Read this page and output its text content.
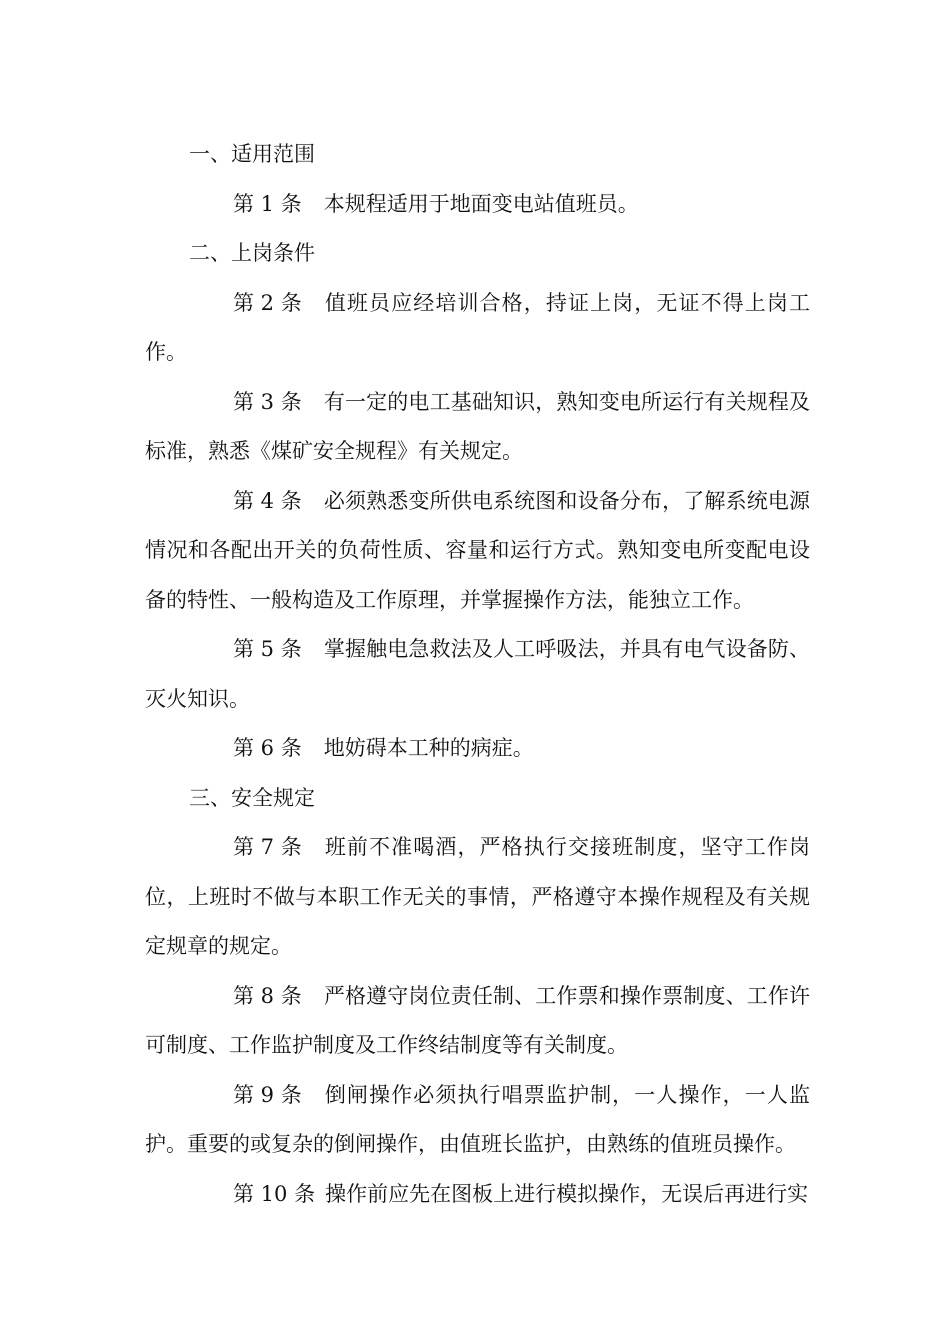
一、适用范围

第 1 条 本规程适用于地面变电站值班员。

二、上岗条件

第 2 条 值班员应经培训合格，持证上岗，无证不得上岗工作。

第 3 条 有一定的电工基础知识，熟知变电所运行有关规程及标准，熟悉《煤矿安全规程》有关规定。

第 4 条 必须熟悉变所供电系统图和设备分布，了解系统电源情况和各配出开关的负荷性质、容量和运行方式。熟知变电所变配电设备的特性、一般构造及工作原理，并掌握操作方法，能独立工作。

第 5 条 掌握触电急救法及人工呼吸法，并具有电气设备防、灭火知识。

第 6 条 地妨碍本工种的病症。

三、安全规定

第 7 条 班前不准喝酒，严格执行交接班制度，坚守工作岗位，上班时不做与本职工作无关的事情，严格遵守本操作规程及有关规定规章的规定。

第 8 条 严格遵守岗位责任制、工作票和操作票制度、工作许可制度、工作监护制度及工作终结制度等有关制度。

第 9 条 倒闸操作必须执行唱票监护制，一人操作，一人监护。重要的或复杂的倒闸操作，由值班长监护，由熟练的值班员操作。

第 10 条 操作前应先在图板上进行模拟操作，无误后再进行实
